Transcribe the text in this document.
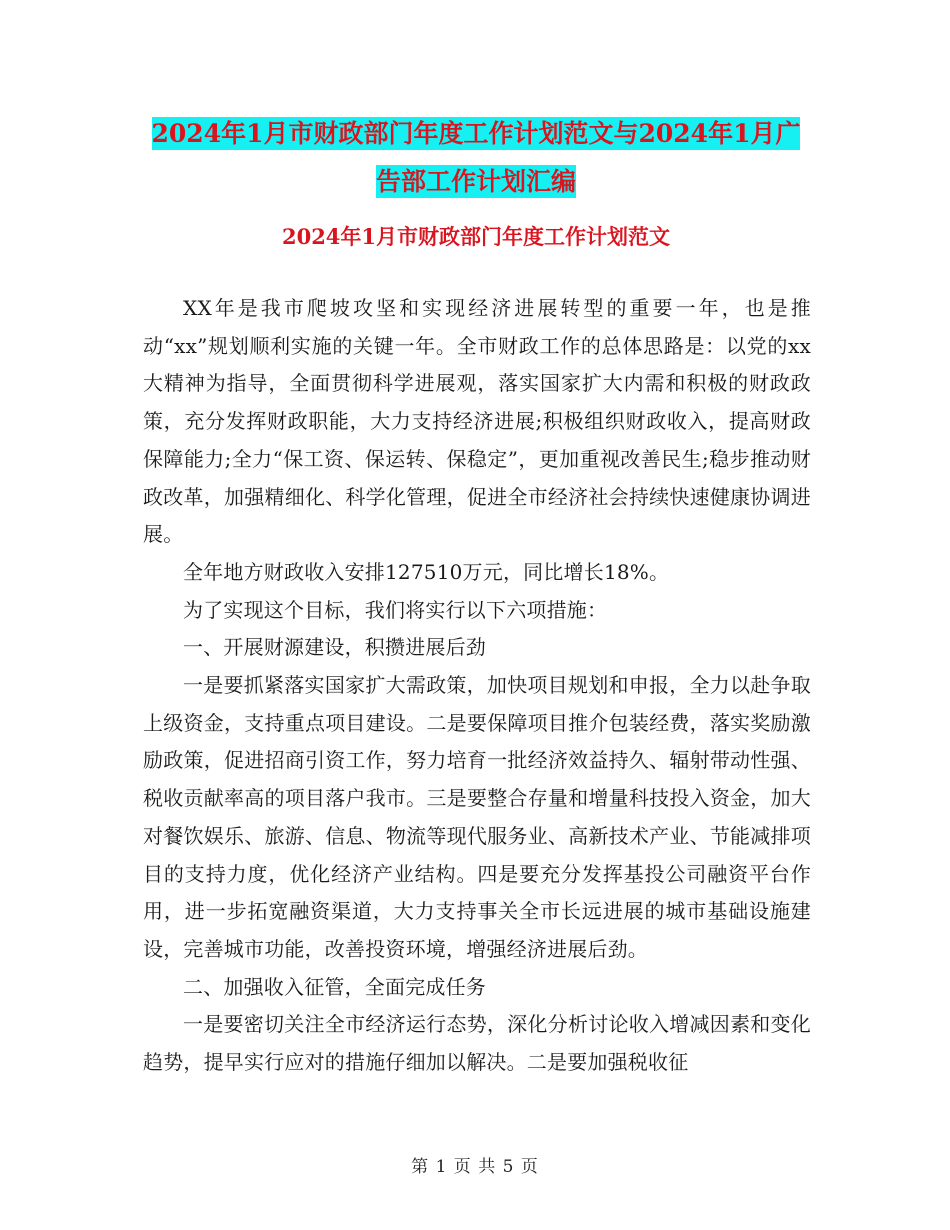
2024年1月市财政部门年度工作计划范文与2024年1月广告部工作计划汇编
2024年1月市财政部门年度工作计划范文

XX年是我市爬坡攻坚和实现经济进展转型的重要一年，也是推动“xx”规划顺利实施的关键一年。全市财政工作的总体思路是：以党的xx大精神为指导，全面贯彻科学进展观，落实国家扩大内需和积极的财政政策，充分发挥财政职能，大力支持经济进展;积极组织财政收入，提高财政保障能力;全力“保工资、保运转、保稳定”，更加重视改善民生;稳步推动财政改革，加强精细化、科学化管理，促进全市经济社会持续快速健康协调进展。

全年地方财政收入安排127510万元，同比增长18%。

为了实现这个目标，我们将实行以下六项措施：

一、开展财源建设，积攒进展后劲

一是要抓紧落实国家扩大需政策，加快项目规划和申报，全力以赴争取上级资金，支持重点项目建设。二是要保障项目推介包装经费，落实奖励激励政策，促进招商引资工作，努力培育一批经济效益持久、辐射带动性强、税收贡献率高的项目落户我市。三是要整合存量和增量科技投入资金，加大对餐饮娱乐、旅游、信息、物流等现代服务业、高新技术产业、节能减排项目的支持力度，优化经济产业结构。四是要充分发挥基投公司融资平台作用，进一步拓宽融资渠道，大力支持事关全市长远进展的城市基础设施建设，完善城市功能，改善投资环境，增强经济进展后劲。

二、加强收入征管，全面完成任务

一是要密切关注全市经济运行态势，深化分析讨论收入增减因素和变化趋势，提早实行应对的措施仔细加以解决。二是要加强税收征

第 1 页 共 5 页
